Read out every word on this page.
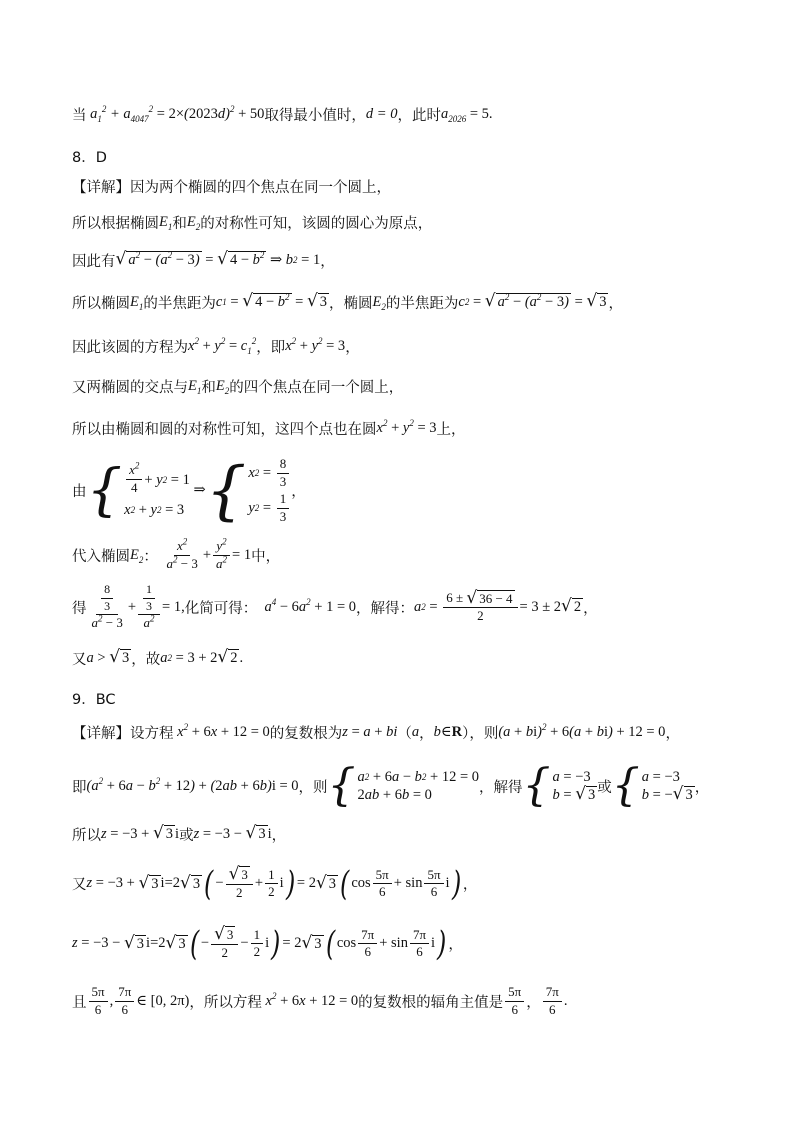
当 $a_1^2 + a_{4047}^2 = 2\times(2023d)^2 + 50$ 取得最小值时， d = 0 ，此时 $a_{2026} = 5$ .
8．D
【详解】 因为两个椭圆的四个焦点在同一个圆上，
所以根据椭圆 $E_1$ 和 $E_2$ 的对称性可知，该圆的圆心为原点，
因此有 √ $a^2 - (a^2 - 3)$ = √ $4 - b^2$ ⇒ b 2 = 1 ，
所以椭圆 $E_1$ 的半焦距为 c 1 = √ $4 - b^2$ = √ 3 ，椭圆 $E_2$ 的半焦距为 c 2 = √ $a^2 - (a^2 - 3)$ = √ 3 ，
因此该圆的方程为 $x^2 + y^2 = c_1^2$ ，即 $x^2 + y^2 = 3$ ，
又两椭圆的交点与 $E_1$ 和 $E_2$ 的四个焦点在同一个圆上，
所以由椭圆和圆的对称性可知，这四个点也在圆 $x^2 + y^2 = 3$ 上，
由 { $\frac{x^2}{4} + y$ 2 = 1
x 2 + y 2 = 3
⇒ { x $2 = \frac{8}{3}$
y $2 = \frac{1}{3}$ ，
代入椭圆 $E_2$ ：
$\frac{x^2}{a^2 - 3} + \frac{y^2}{a^2} = 1$ 中，
得 $\frac{\frac{8}{3}}{a^2 - 3} + \frac{\frac{1}{3}}{a^2} = 1$, 化简可得： $a^4 - 6a^2 + 1 = 0$ ，解得： a $2 = \frac{6 \pm √ 36 - 4}{2} = 3 \pm 2$ √ 2 ，
又 a > √ 3 ，故 a 2 = 3 + 2 √ 2 .
9．BC
【详解】 设方程 $x^2 + 6x + 12 = 0$ 的复数根为 z = a + bi （ a ， b∈R ），则 (a + bi)$^2$ + 6(a + bi) + 12 = 0 ，
即 $(a^2 + 6a - b^2 + 12) + (2ab + 6b)i = 0$ ，则 { a 2 + 6 a − b 2 + 12 = 0
2 ab + 6 b = 0	，解得 { a = −3
b = √ 3 或 { a = −3
b = − √ 3 ，
所以 z = −3 + √ 3 i 或 z = −3 − √ 3 i ，
又 z = −3 + √ 3 i=2 √ 3 ( − $\frac{√ 3}{2} + \frac{1}{2}$ i ) = 2 √ 3 ( $\cos \frac{5\pi}{6} + \sin \frac{5\pi}{6}$ i ) ，
z = −3 − √ 3 i=2 √ 3 ( − $\frac{√ 3}{2} - \frac{1}{2}$ i ) = 2 √ 3 ( $\cos \frac{7\pi}{6} + \sin \frac{7\pi}{6}$ i ) ，
且 $\frac{5\pi}{6}$ , $\frac{7\pi}{6}$ ∈ [0, 2π) ，所以方程 $x^2 + 6x + 12 = 0$ 的复数根的辐角主值是 $\frac{5\pi}{6}$ ， $\frac{7\pi}{6}$ .
